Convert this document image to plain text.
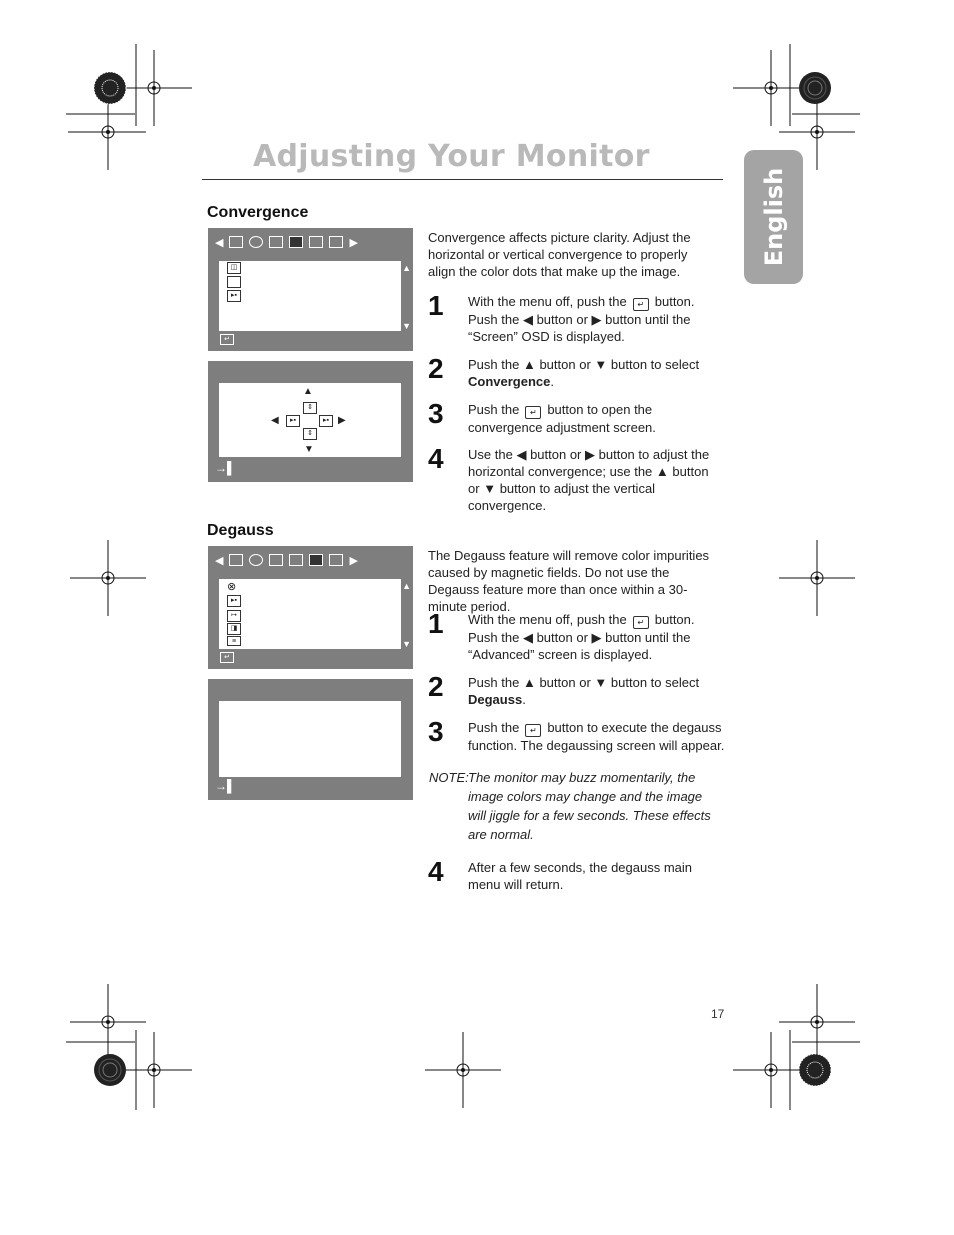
Adjusting Your Monitor
English
Convergence
◀	▶
◫
▸▪
▲
▼
↵
▲
⇕
◀	▸▪	▸▪ ▶
⇕
▼
→▌
Convergence affects picture clarity. Adjust the horizontal or vertical convergence to properly align the color dots that make up the image.
1 With the menu off, push the ↵ button.
Push the ◀ button or ▶ button until the
“Screen” OSD is displayed.
2 Push the ▲ button or ▼ button to select
Convergence.
3 Push the ↵ button to open the
convergence adjustment screen.
4 Use the ◀ button or ▶ button to adjust the
horizontal convergence; use the ▲ button
or ▼ button to adjust the vertical
convergence.
Degauss
◀	▶
⊗
▸▪
↦
◨
≡
▲
▼
↵
→▌
The Degauss feature will remove color impurities caused by magnetic fields. Do not use the Degauss feature more than once within a 30-minute period.
1 With the menu off, push the ↵ button.
Push the ◀ button or ▶ button until the
“Advanced” screen is displayed.
2 Push the ▲ button or ▼ button to select
Degauss.
3 Push the ↵ button to execute the degauss
function. The degaussing screen will appear.
NOTE: The monitor may buzz momentarily, the image colors may change and the image will jiggle for a few seconds. These effects are normal.
4 After a few seconds, the degauss main
menu will return.
17
